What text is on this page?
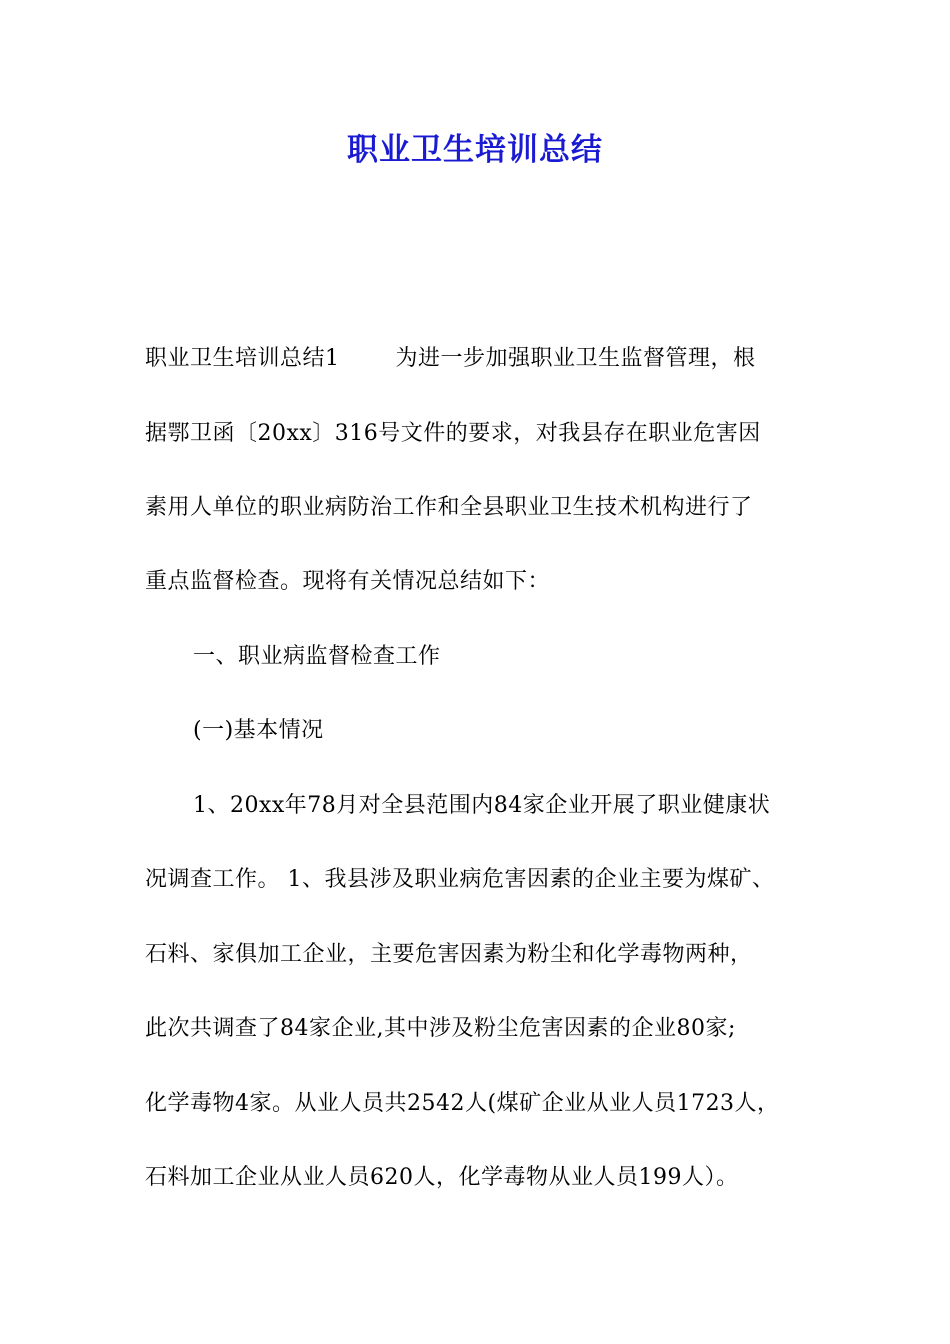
职业卫生培训总结
职业卫生培训总结1	为进一步加强职业卫生监督管理，根
据鄂卫函〔20xx〕316号文件的要求，对我县存在职业危害因
素用人单位的职业病防治工作和全县职业卫生技术机构进行了
重点监督检查。现将有关情况总结如下：
一、职业病监督检查工作
(一)基本情况
1、20xx年78月对全县范围内84家企业开展了职业健康状
况调查工作。 1、我县涉及职业病危害因素的企业主要为煤矿、
石料、家俱加工企业，主要危害因素为粉尘和化学毒物两种，
此次共调查了84家企业,其中涉及粉尘危害因素的企业80家;
化学毒物4家。从业人员共2542人(煤矿企业从业人员1723人，
石料加工企业从业人员620人，化学毒物从业人员199人）。
